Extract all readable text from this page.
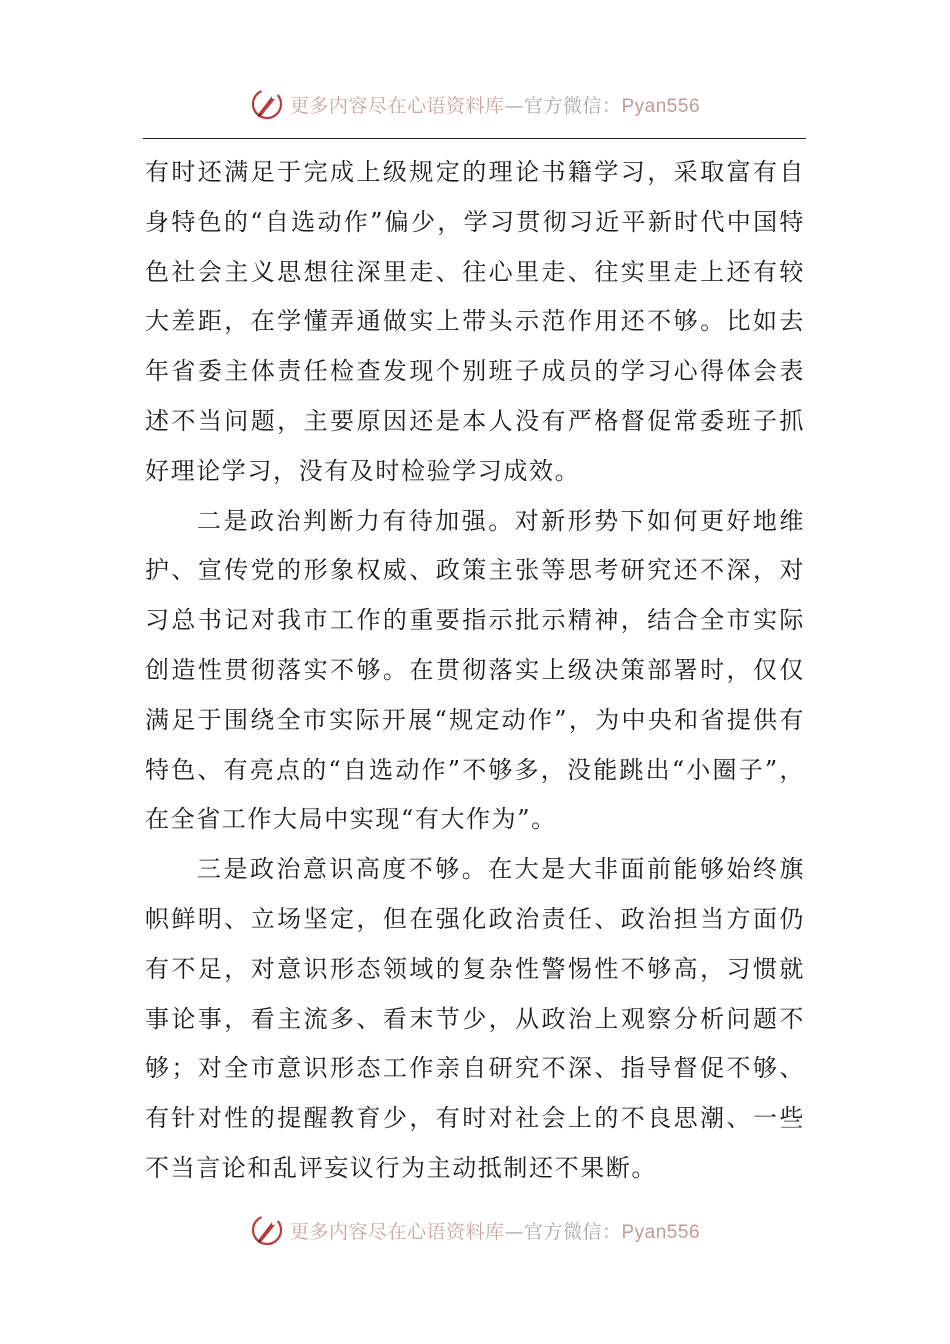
更多内容尽在心语资料库—官方微信：Pyan556

有时还满足于完成上级规定的理论书籍学习，采取富有自身特色的“自选动作”偏少，学习贯彻习近平新时代中国特色社会主义思想往深里走、往心里走、往实里走上还有较大差距，在学懂弄通做实上带头示范作用还不够。比如去年省委主体责任检查发现个别班子成员的学习心得体会表述不当问题，主要原因还是本人没有严格督促常委班子抓好理论学习，没有及时检验学习成效。

二是政治判断力有待加强。对新形势下如何更好地维护、宣传党的形象权威、政策主张等思考研究还不深，对习总书记对我市工作的重要指示批示精神，结合全市实际创造性贯彻落实不够。在贯彻落实上级决策部署时，仅仅满足于围绕全市实际开展“规定动作”，为中央和省提供有特色、有亮点的“自选动作”不够多，没能跳出“小圈子”，在全省工作大局中实现“有大作为”。

三是政治意识高度不够。在大是大非面前能够始终旗帜鲜明、立场坚定，但在强化政治责任、政治担当方面仍有不足，对意识形态领域的复杂性警惕性不够高，习惯就事论事，看主流多、看末节少，从政治上观察分析问题不够；对全市意识形态工作亲自研究不深、指导督促不够、有针对性的提醒教育少，有时对社会上的不良思潮、一些不当言论和乱评妄议行为主动抵制还不果断。

更多内容尽在心语资料库—官方微信：Pyan556
